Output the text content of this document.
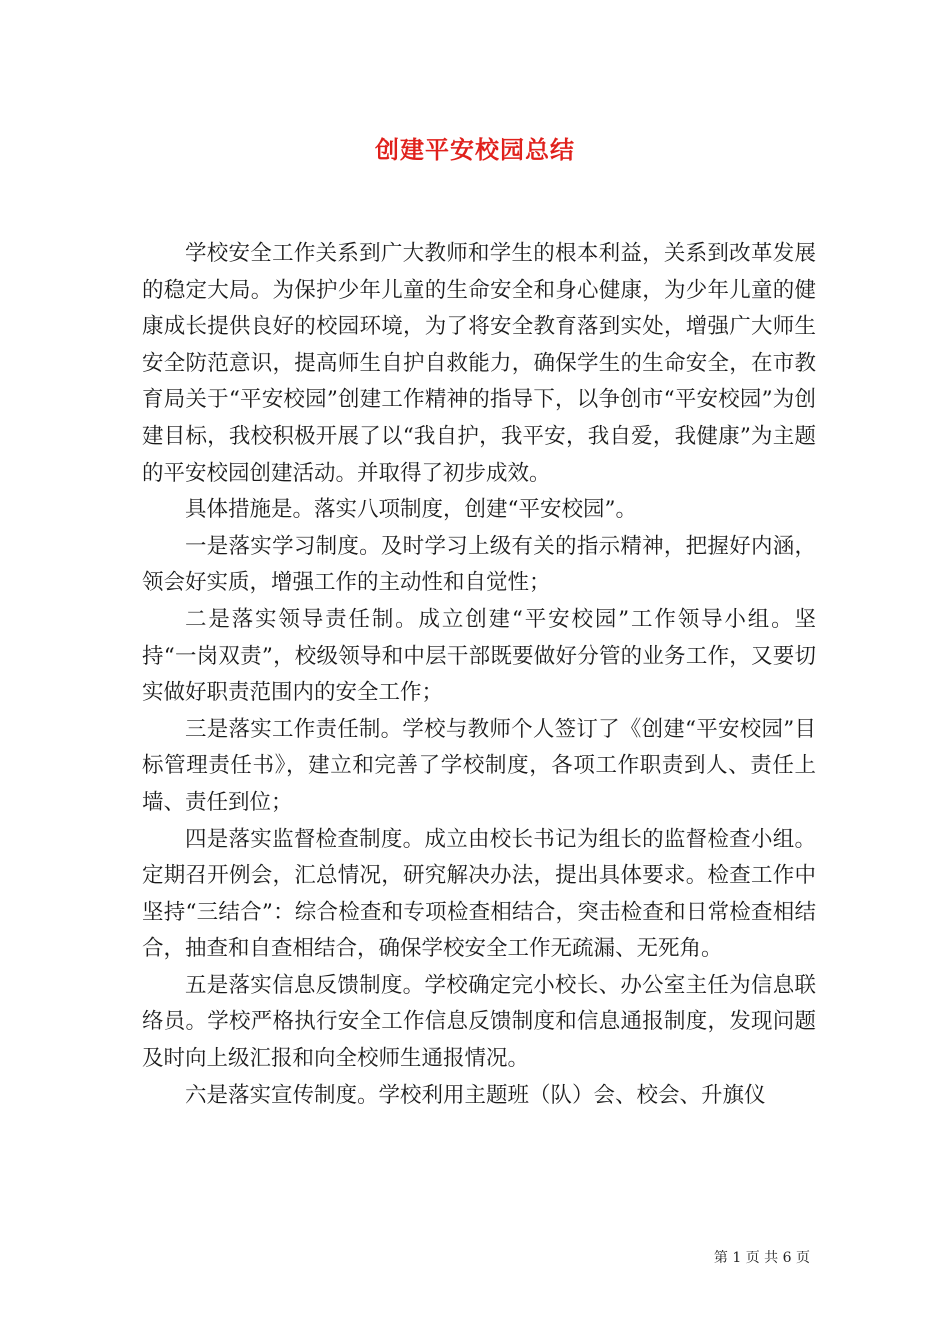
创建平安校园总结

学校安全工作关系到广大教师和学生的根本利益，关系到改革发展的稳定大局。为保护少年儿童的生命安全和身心健康，为少年儿童的健康成长提供良好的校园环境，为了将安全教育落到实处，增强广大师生安全防范意识，提高师生自护自救能力，确保学生的生命安全，在市教育局关于“平安校园”创建工作精神的指导下，以争创市“平安校园”为创建目标，我校积极开展了以“我自护，我平安，我自爱，我健康”为主题的平安校园创建活动。并取得了初步成效。

具体措施是。落实八项制度，创建“平安校园”。

一是落实学习制度。及时学习上级有关的指示精神，把握好内涵，领会好实质，增强工作的主动性和自觉性；

二是落实领导责任制。成立创建“平安校园”工作领导小组。坚持“一岗双责”，校级领导和中层干部既要做好分管的业务工作，又要切实做好职责范围内的安全工作；

三是落实工作责任制。学校与教师个人签订了《创建“平安校园”目标管理责任书》，建立和完善了学校制度，各项工作职责到人、责任上墙、责任到位；

四是落实监督检查制度。成立由校长书记为组长的监督检查小组。定期召开例会，汇总情况，研究解决办法，提出具体要求。检查工作中坚持“三结合”：综合检查和专项检查相结合，突击检查和日常检查相结合，抽查和自查相结合，确保学校安全工作无疏漏、无死角。

五是落实信息反馈制度。学校确定完小校长、办公室主任为信息联络员。学校严格执行安全工作信息反馈制度和信息通报制度，发现问题及时向上级汇报和向全校师生通报情况。

六是落实宣传制度。学校利用主题班（队）会、校会、升旗仪

第 1 页 共 6 页
